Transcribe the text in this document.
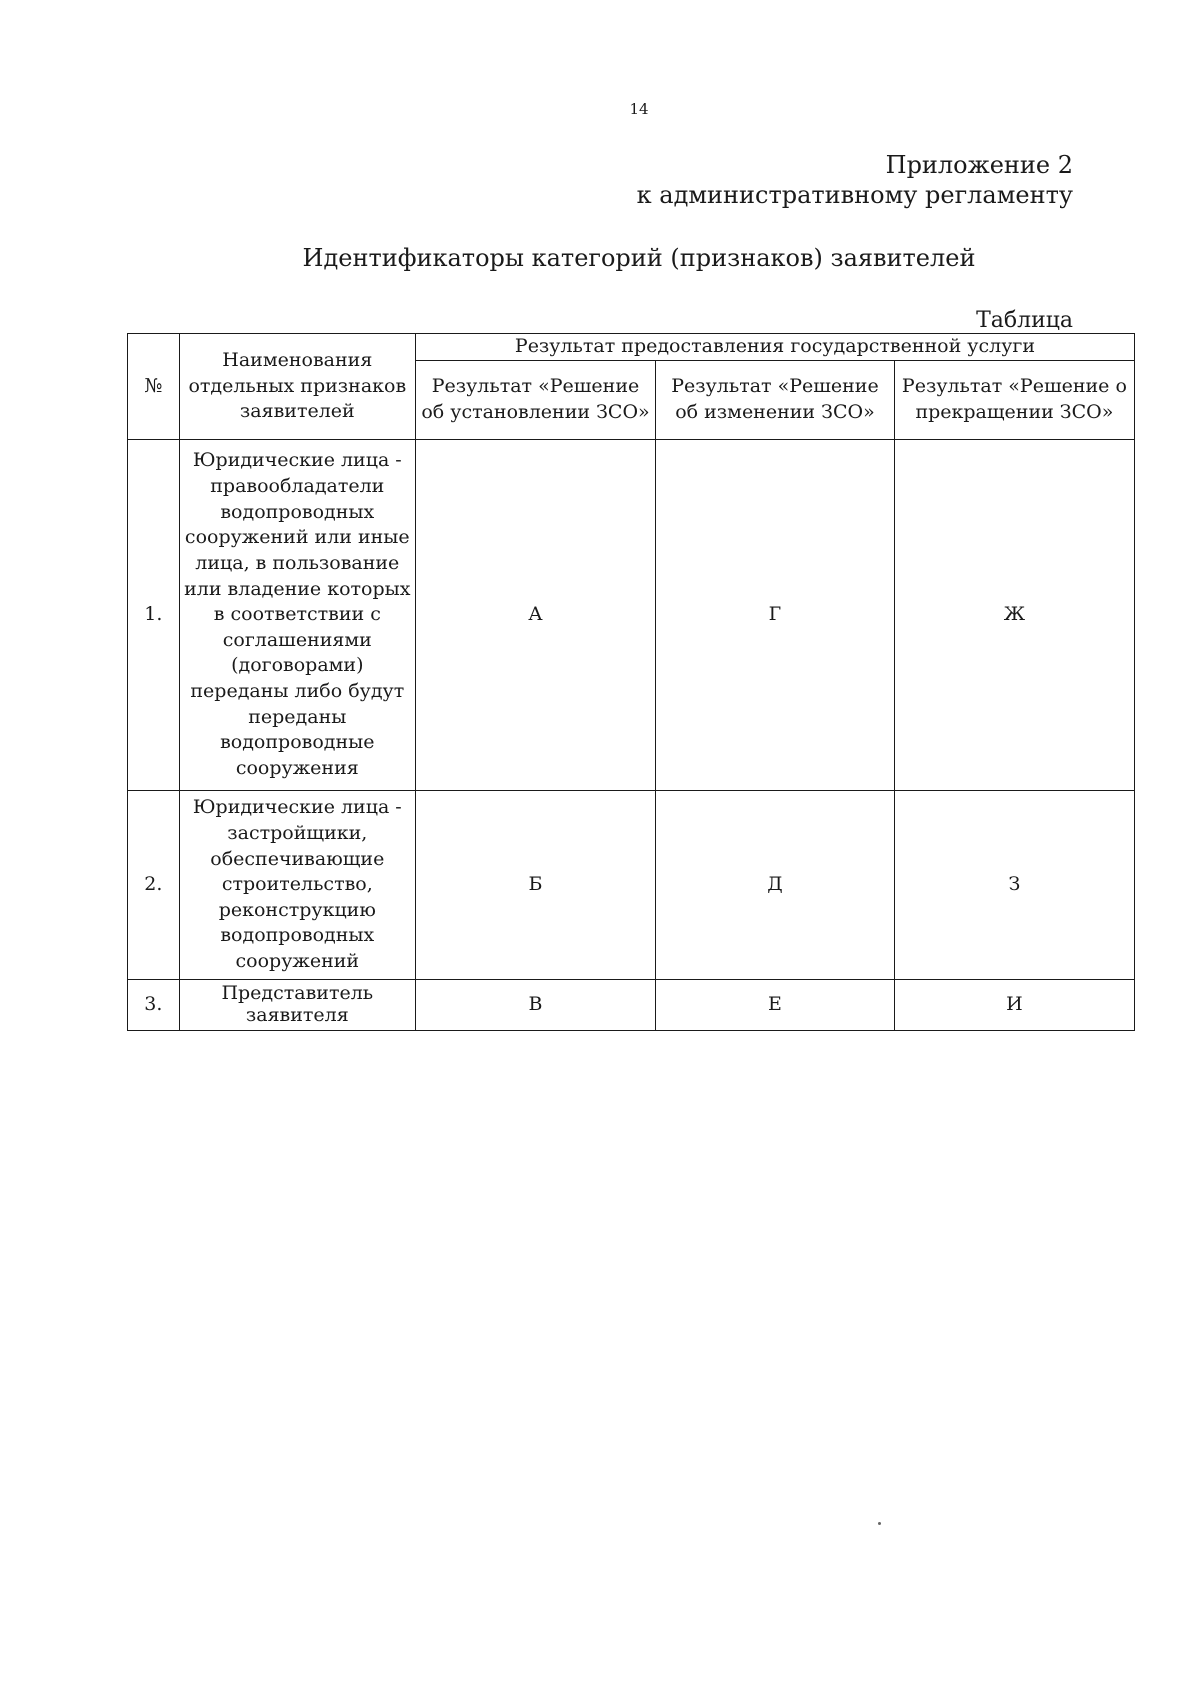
14
Приложение 2
к административному регламенту
Идентификаторы категорий (признаков) заявителей
Таблица
№	Наименования отдельных признаков заявителей	Результат предоставления государственной услуги		
		Результат «Решение об установлении ЗСО»	Результат «Решение об изменении ЗСО»	Результат «Решение о прекращении ЗСО»
1.	Юридические лица - правообладатели водопроводных сооружений или иные лица, в пользование или владение которых в соответствии с соглашениями (договорами) переданы либо будут переданы водопроводные сооружения	А	Г	Ж
2.	Юридические лица - застройщики, обеспечивающие строительство, реконструкцию водопроводных сооружений	Б	Д	З
3.	Представитель заявителя	В	Е	И
